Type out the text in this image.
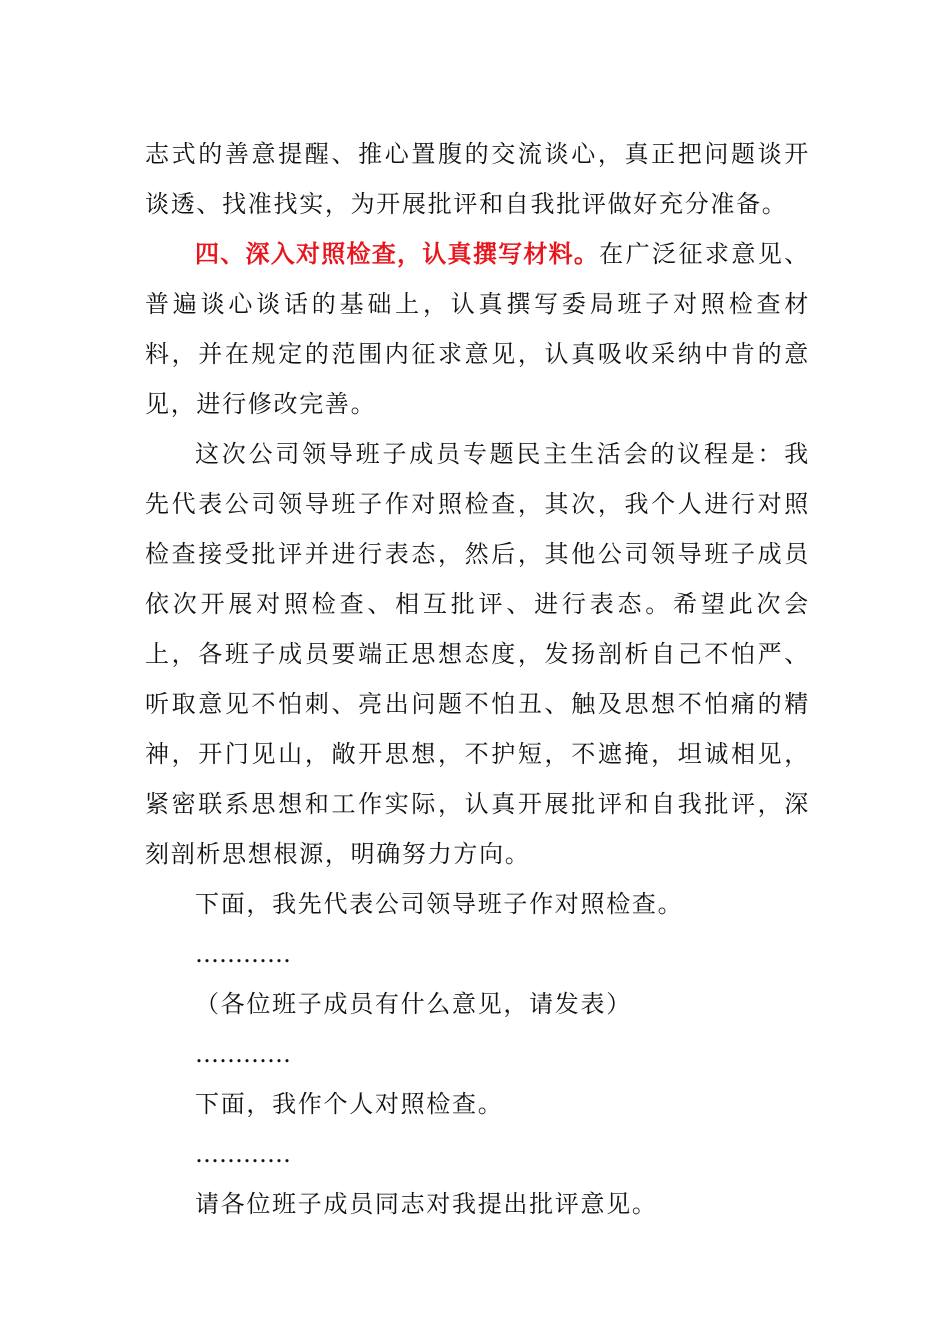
志式的善意提醒、推心置腹的交流谈心，真正把问题谈开谈透、找准找实，为开展批评和自我批评做好充分准备。

四、深入对照检查，认真撰写材料。在广泛征求意见、普遍谈心谈话的基础上，认真撰写委局班子对照检查材料，并在规定的范围内征求意见，认真吸收采纳中肯的意见，进行修改完善。

这次公司领导班子成员专题民主生活会的议程是：我先代表公司领导班子作对照检查，其次，我个人进行对照检查接受批评并进行表态，然后，其他公司领导班子成员依次开展对照检查、相互批评、进行表态。希望此次会上，各班子成员要端正思想态度，发扬剖析自己不怕严、听取意见不怕刺、亮出问题不怕丑、触及思想不怕痛的精神，开门见山，敞开思想，不护短，不遮掩，坦诚相见，紧密联系思想和工作实际，认真开展批评和自我批评，深刻剖析思想根源，明确努力方向。

下面，我先代表公司领导班子作对照检查。

…………

（各位班子成员有什么意见，请发表）

…………

下面，我作个人对照检查。

…………

请各位班子成员同志对我提出批评意见。
